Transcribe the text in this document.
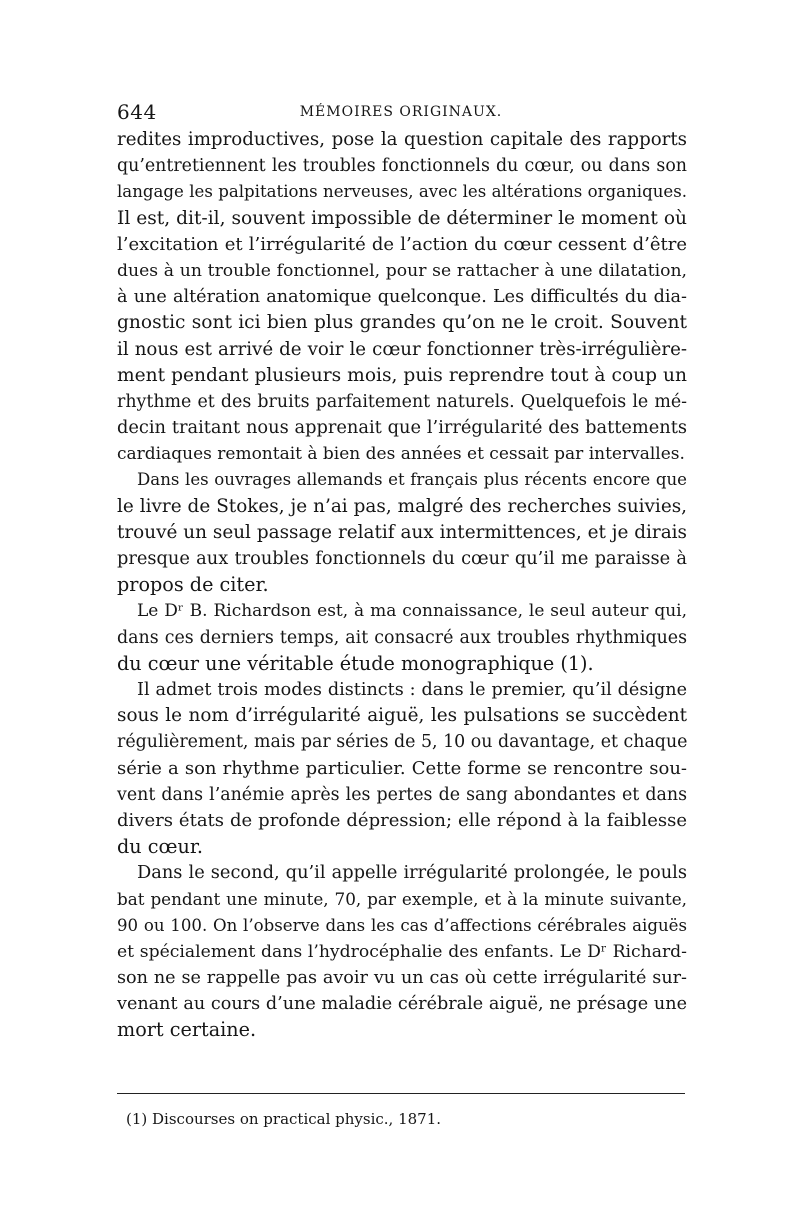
644	MÉMOIRES ORIGINAUX.
redites improductives, pose la question capitale des rapports
qu’entretiennent les troubles fonctionnels du cœur, ou dans son
langage les palpitations nerveuses, avec les altérations organiques.
Il est, dit-il, souvent impossible de déterminer le moment où
l’excitation et l’irrégularité de l’action du cœur cessent d’être
dues à un trouble fonctionnel, pour se rattacher à une dilatation,
à une altération anatomique quelconque. Les difficultés du dia-
gnostic sont ici bien plus grandes qu’on ne le croit. Souvent
il nous est arrivé de voir le cœur fonctionner très-irrégulière-
ment pendant plusieurs mois, puis reprendre tout à coup un
rhythme et des bruits parfaitement naturels. Quelquefois le mé-
decin traitant nous apprenait que l’irrégularité des battements
cardiaques remontait à bien des années et cessait par intervalles.
Dans les ouvrages allemands et français plus récents encore que
le livre de Stokes, je n’ai pas, malgré des recherches suivies,
trouvé un seul passage relatif aux intermittences, et je dirais
presque aux troubles fonctionnels du cœur qu’il me paraisse à
propos de citer.
Le Dʳ B. Richardson est, à ma connaissance, le seul auteur qui,
dans ces derniers temps, ait consacré aux troubles rhythmiques
du cœur une véritable étude monographique (1).
Il admet trois modes distincts : dans le premier, qu’il désigne
sous le nom d’irrégularité aiguë, les pulsations se succèdent
régulièrement, mais par séries de 5, 10 ou davantage, et chaque
série a son rhythme particulier. Cette forme se rencontre sou-
vent dans l’anémie après les pertes de sang abondantes et dans
divers états de profonde dépression; elle répond à la faiblesse
du cœur.
Dans le second, qu’il appelle irrégularité prolongée, le pouls
bat pendant une minute, 70, par exemple, et à la minute suivante,
90 ou 100. On l’observe dans les cas d’affections cérébrales aiguës
et spécialement dans l’hydrocéphalie des enfants. Le Dʳ Richard-
son ne se rappelle pas avoir vu un cas où cette irrégularité sur-
venant au cours d’une maladie cérébrale aiguë, ne présage une
mort certaine.
(1) Discourses on practical physic., 1871.
